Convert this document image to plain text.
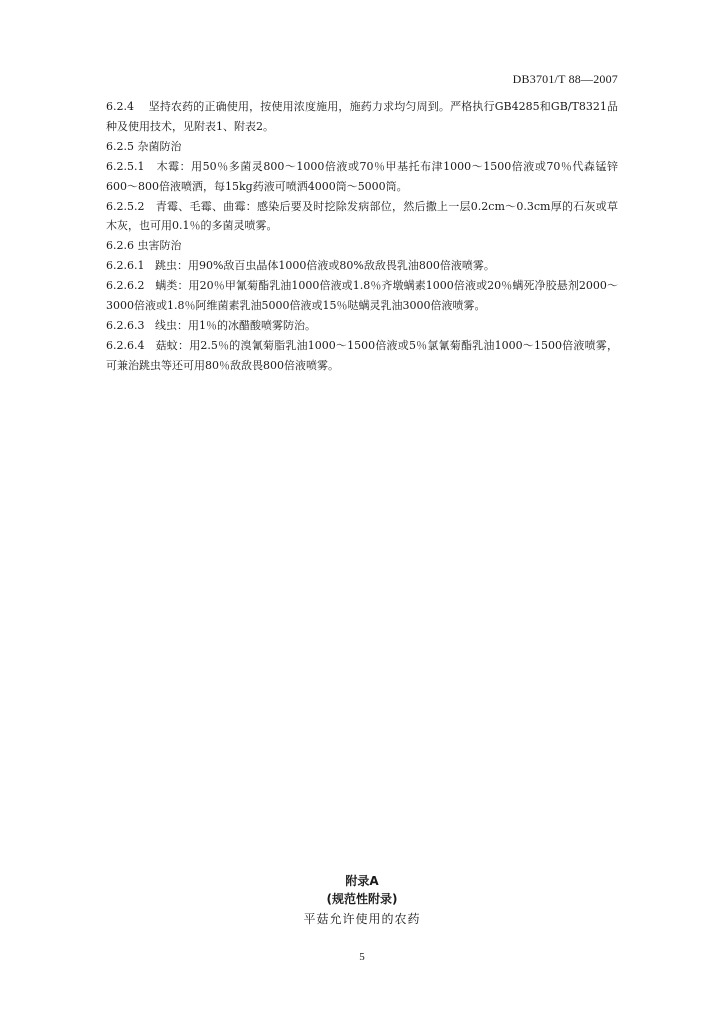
DB3701/T 88—2007

6.2.4 坚持农药的正确使用，按使用浓度施用，施药力求均匀周到。严格执行GB4285和GB/T8321品种及使用技术，见附表1、附表2。

6.2.5 杂菌防治

6.2.5.1 木霉：用50％多菌灵800～1000倍液或70％甲基托布津1000～1500倍液或70％代森锰锌600～800倍液喷洒，每15kg药液可喷洒4000筒～5000筒。

6.2.5.2 青霉、毛霉、曲霉：感染后要及时挖除发病部位，然后撒上一层0.2cm～0.3cm厚的石灰或草木灰，也可用0.1％的多菌灵喷雾。

6.2.6 虫害防治

6.2.6.1 跳虫：用90%敌百虫晶体1000倍液或80%敌敌畏乳油800倍液喷雾。

6.2.6.2 螨类：用20％甲氰菊酯乳油1000倍液或1.8％齐墩螨素1000倍液或20％螨死净胶悬剂2000～3000倍液或1.8％阿维菌素乳油5000倍液或15％哒螨灵乳油3000倍液喷雾。

6.2.6.3 线虫：用1％的冰醋酸喷雾防治。

6.2.6.4 菇蚊：用2.5％的溴氰菊脂乳油1000～1500倍液或5％氯氰菊酯乳油1000～1500倍液喷雾，可兼治跳虫等还可用80％敌敌畏800倍液喷雾。

附录A
(规范性附录)
平菇允许使用的农药
5
